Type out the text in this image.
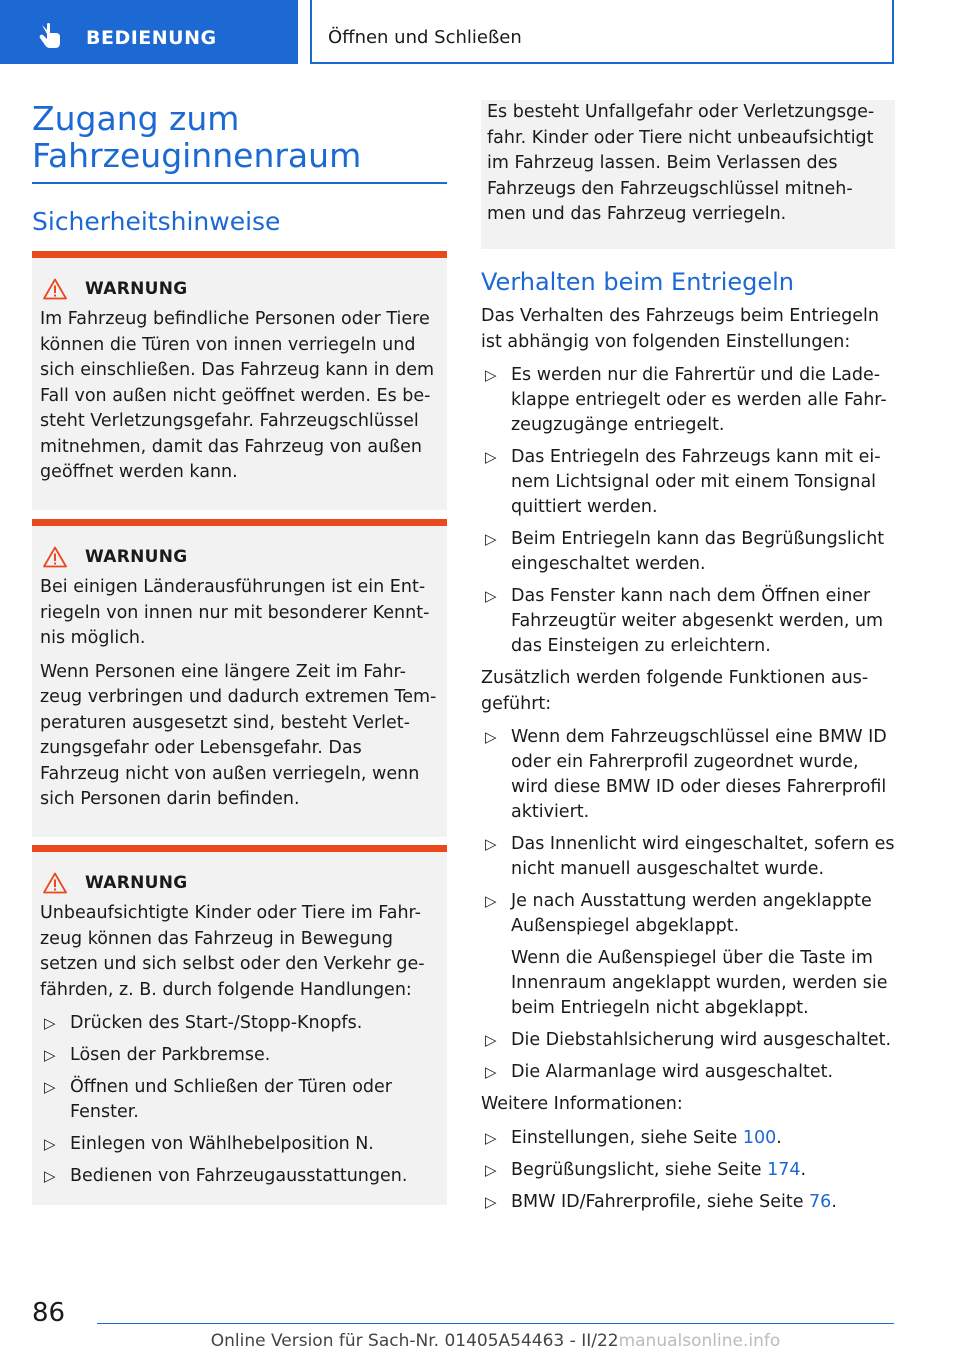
BEDIENUNG	Öffnen und Schließen
Zugang zum
Fahrzeuginnenraum
Sicherheitshinweise
WARNUNG

Im Fahrzeug befindliche Personen oder Tiere können die Türen von innen verriegeln und sich einschließen. Das Fahrzeug kann in dem Fall von außen nicht geöffnet werden. Es be-steht Verletzungsgefahr. Fahrzeugschlüssel mitnehmen, damit das Fahrzeug von außen geöffnet werden kann.

WARNUNG

Bei einigen Länderausführungen ist ein Ent-riegeln von innen nur mit besonderer Kennt-nis möglich.

Wenn Personen eine längere Zeit im Fahr-zeug verbringen und dadurch extremen Tem-peraturen ausgesetzt sind, besteht Verlet-zungsgefahr oder Lebensgefahr. Das Fahrzeug nicht von außen verriegeln, wenn sich Personen darin befinden.

WARNUNG

Unbeaufsichtigte Kinder oder Tiere im Fahr-zeug können das Fahrzeug in Bewegung setzen und sich selbst oder den Verkehr ge-fährden, z. B. durch folgende Handlungen:

▷ Drücken des Start-/Stopp-Knopfs.
▷ Lösen der Parkbremse.
▷ Öffnen und Schließen der Türen oder Fenster.
▷ Einlegen von Wählhebelposition N.
▷ Bedienen von Fahrzeugausstattungen.

Es besteht Unfallgefahr oder Verletzungsge-fahr. Kinder oder Tiere nicht unbeaufsichtigt im Fahrzeug lassen. Beim Verlassen des Fahrzeugs den Fahrzeugschlüssel mitneh-men und das Fahrzeug verriegeln.

Verhalten beim Entriegeln

Das Verhalten des Fahrzeugs beim Entriegeln ist abhängig von folgenden Einstellungen:

▷ Es werden nur die Fahrertür und die Lade-klappe entriegelt oder es werden alle Fahr-zeugzugänge entriegelt.
▷ Das Entriegeln des Fahrzeugs kann mit ei-nem Lichtsignal oder mit einem Tonsignal quittiert werden.
▷ Beim Entriegeln kann das Begrüßungslicht eingeschaltet werden.
▷ Das Fenster kann nach dem Öffnen einer Fahrzeugtür weiter abgesenkt werden, um das Einsteigen zu erleichtern.

Zusätzlich werden folgende Funktionen aus-geführt:

▷ Wenn dem Fahrzeugschlüssel eine BMW ID oder ein Fahrerprofil zugeordnet wurde, wird diese BMW ID oder dieses Fahrerprofil aktiviert.
▷ Das Innenlicht wird eingeschaltet, sofern es nicht manuell ausgeschaltet wurde.
▷ Je nach Ausstattung werden angeklappte Außenspiegel abgeklappt.

Wenn die Außenspiegel über die Taste im Innenraum angeklappt wurden, werden sie beim Entriegeln nicht abgeklappt.

▷ Die Diebstahlsicherung wird ausgeschaltet.
▷ Die Alarmanlage wird ausgeschaltet.

Weitere Informationen:

▷ Einstellungen, siehe Seite 100.
▷ Begrüßungslicht, siehe Seite 174.
▷ BMW ID/Fahrerprofile, siehe Seite 76.
86
Online Version für Sach-Nr. 01405A54463 - II/22manualsonline.info
